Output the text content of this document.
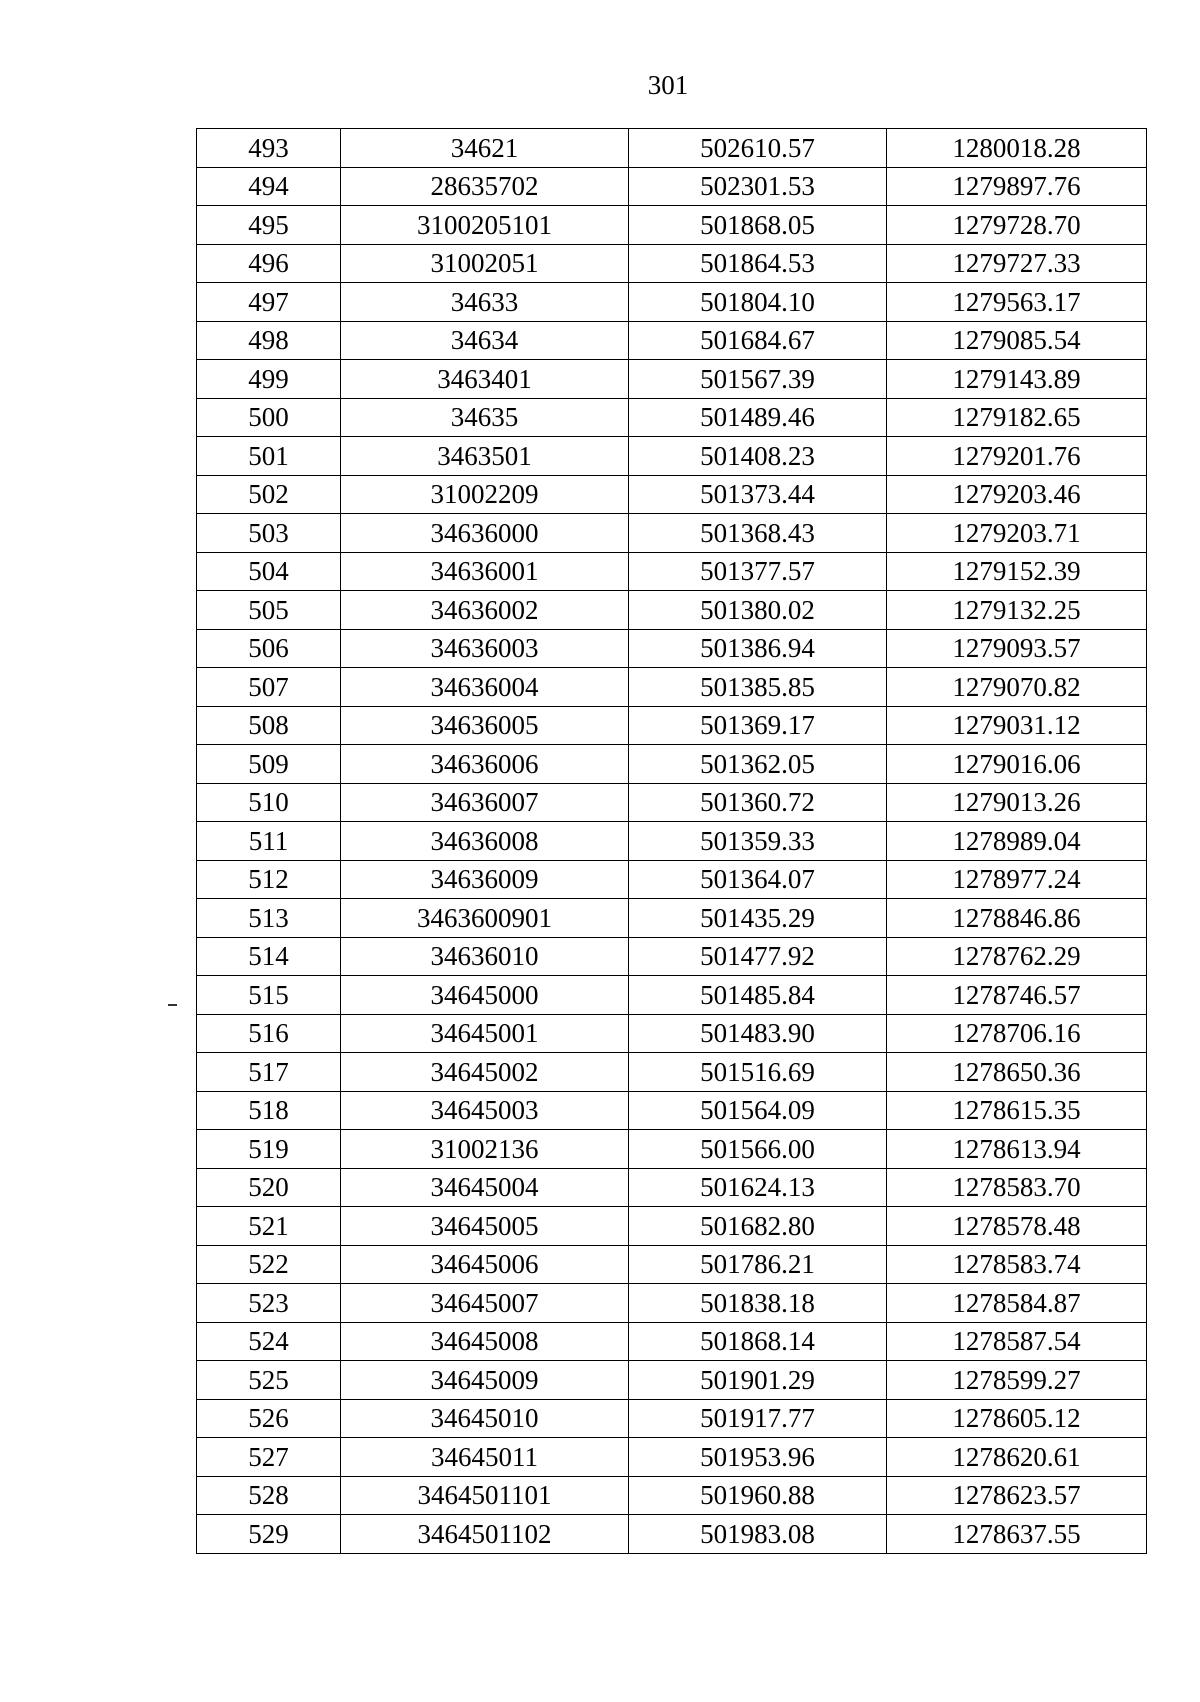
301
493	34621	502610.57	1280018.28
494	28635702	502301.53	1279897.76
495	3100205101	501868.05	1279728.70
496	31002051	501864.53	1279727.33
497	34633	501804.10	1279563.17
498	34634	501684.67	1279085.54
499	3463401	501567.39	1279143.89
500	34635	501489.46	1279182.65
501	3463501	501408.23	1279201.76
502	31002209	501373.44	1279203.46
503	34636000	501368.43	1279203.71
504	34636001	501377.57	1279152.39
505	34636002	501380.02	1279132.25
506	34636003	501386.94	1279093.57
507	34636004	501385.85	1279070.82
508	34636005	501369.17	1279031.12
509	34636006	501362.05	1279016.06
510	34636007	501360.72	1279013.26
511	34636008	501359.33	1278989.04
512	34636009	501364.07	1278977.24
513	3463600901	501435.29	1278846.86
514	34636010	501477.92	1278762.29
515	34645000	501485.84	1278746.57
516	34645001	501483.90	1278706.16
517	34645002	501516.69	1278650.36
518	34645003	501564.09	1278615.35
519	31002136	501566.00	1278613.94
520	34645004	501624.13	1278583.70
521	34645005	501682.80	1278578.48
522	34645006	501786.21	1278583.74
523	34645007	501838.18	1278584.87
524	34645008	501868.14	1278587.54
525	34645009	501901.29	1278599.27
526	34645010	501917.77	1278605.12
527	34645011	501953.96	1278620.61
528	3464501101	501960.88	1278623.57
529	3464501102	501983.08	1278637.55
